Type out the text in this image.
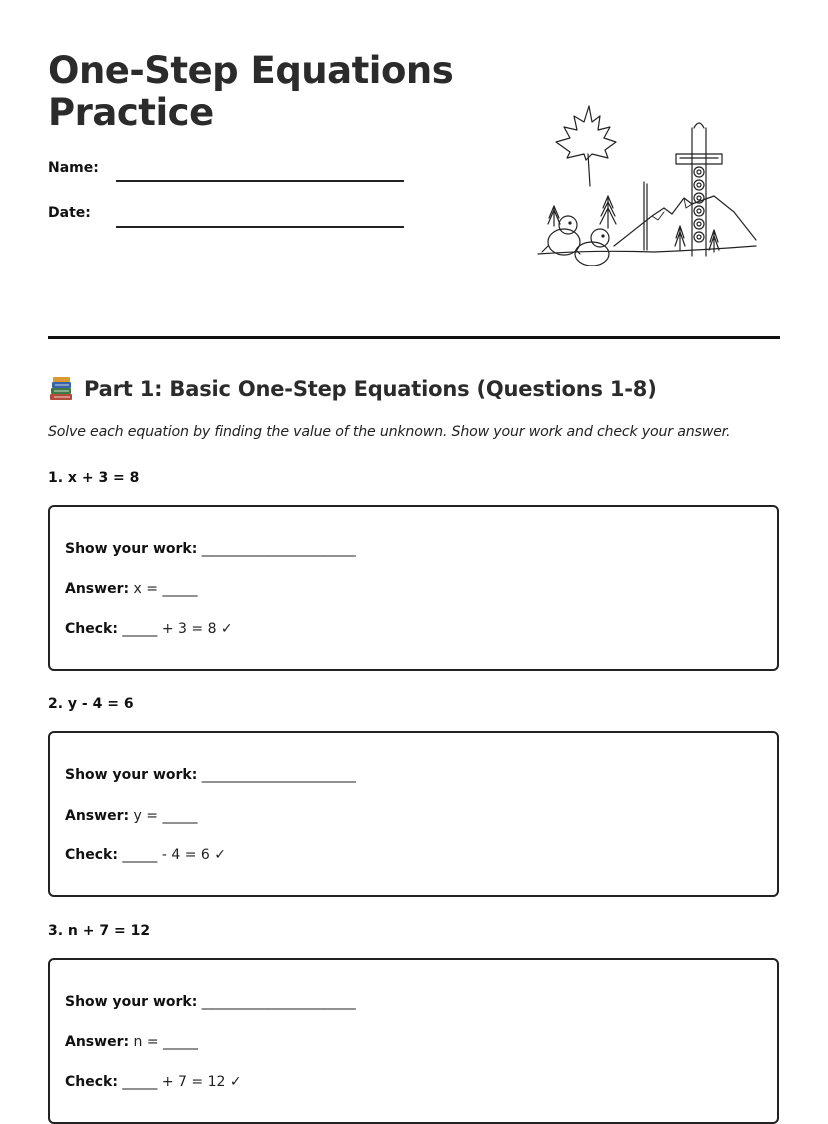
One-Step Equations
Practice
Name:
Date:
Part 1: Basic One-Step Equations (Questions 1-8)
Solve each equation by finding the value of the unknown. Show your work and check your answer.
1. x + 3 = 8
Show your work: ______________________
Answer: x = _____
Check: _____ + 3 = 8 ✓
2. y - 4 = 6
Show your work: ______________________
Answer: y = _____
Check: _____ - 4 = 6 ✓
3. n + 7 = 12
Show your work: ______________________
Answer: n = _____
Check: _____ + 7 = 12 ✓
